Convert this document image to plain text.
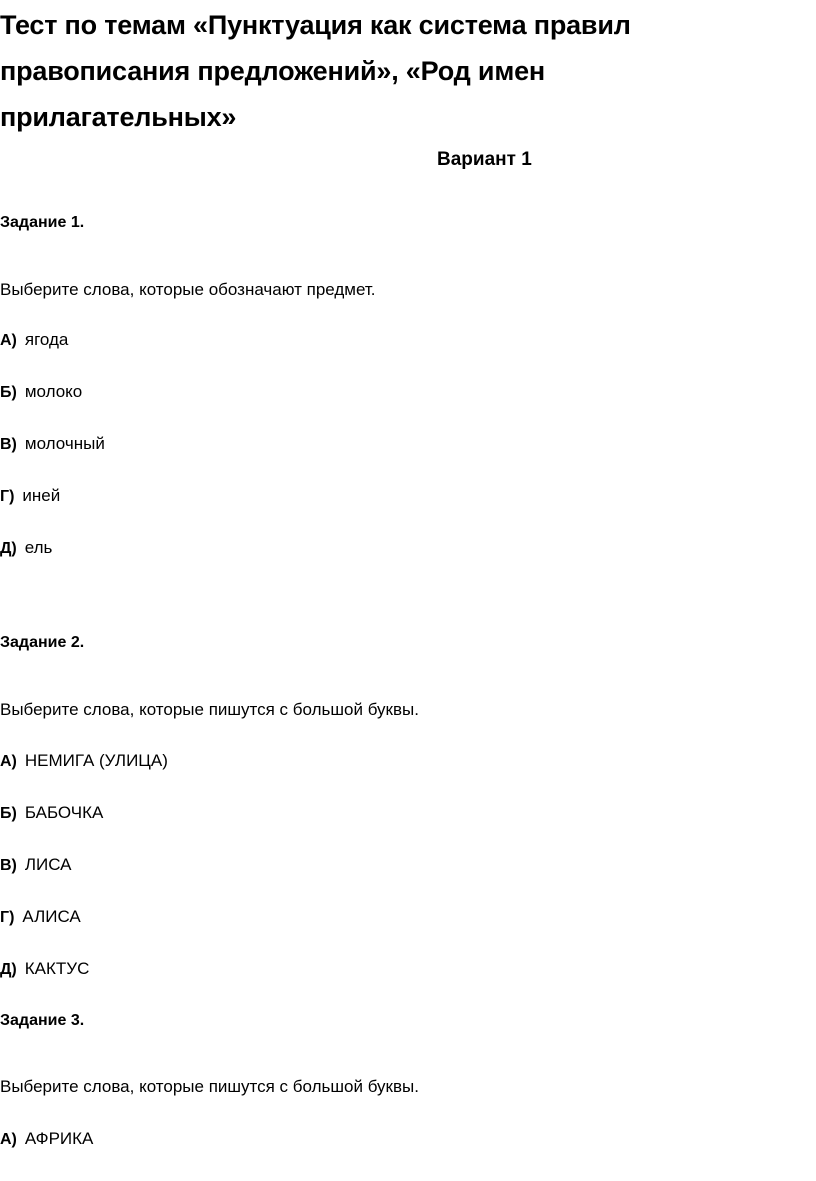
Тест по темам «Пунктуация как система правил
правописания предложений», «Род имен
прилагательных»
Вариант 1
Задание 1.
Выберите слова, которые обозначают предмет.
А) ягода
Б) молоко
В) молочный
Г) иней
Д) ель
Задание 2.
Выберите слова, которые пишутся с большой буквы.
А) НЕМИГА (УЛИЦА)
Б) БАБОЧКА
В) ЛИСА
Г) АЛИСА
Д) КАКТУС
Задание 3.
Выберите слова, которые пишутся с большой буквы.
А) АФРИКА
